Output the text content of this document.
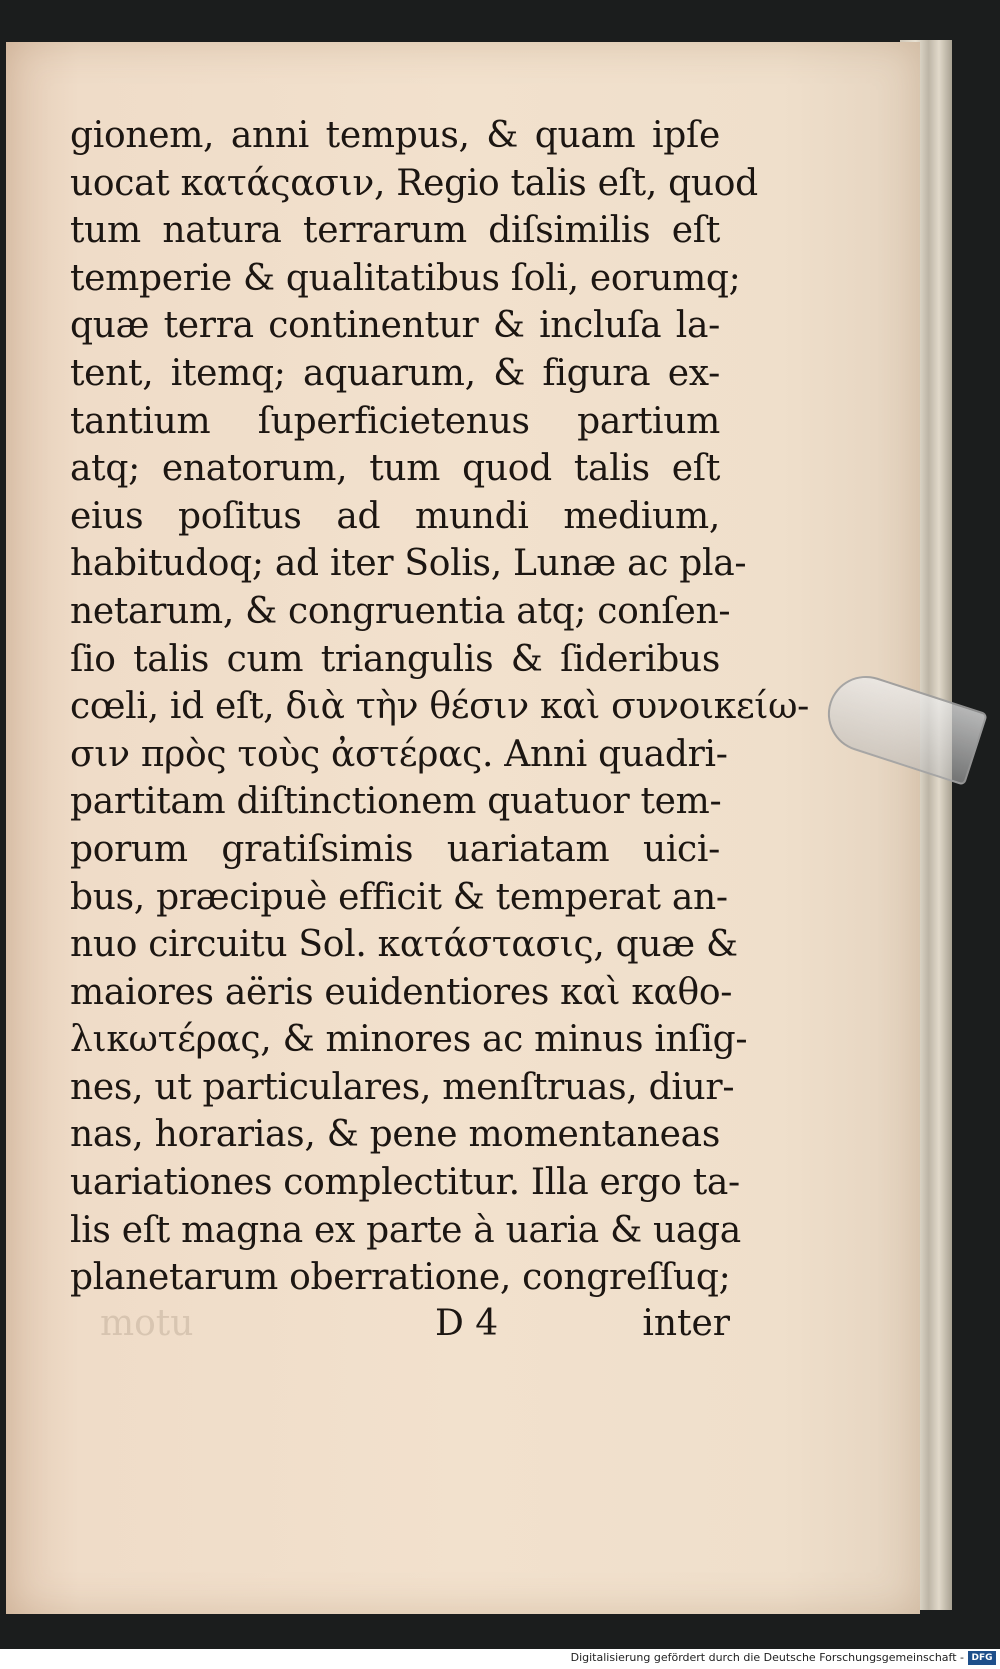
gionem, anni tempus, & quam ipſe
uocat κατάςασιν, Regio talis eſt, quod
tum natura terrarum diſsimilis eſt
temperie & qualitatibus ſoli, eorumq;
quæ terra continentur & incluſa la-
tent, itemq; aquarum, & figura ex-
tantium ſuperficietenus partium
atq; enatorum, tum quod talis eſt
eius poſitus ad mundi medium,
habitudoq; ad iter Solis, Lunæ ac pla-
netarum, & congruentia atq; conſen-
ſio talis cum triangulis & ſideribus
cœli, id eſt, διὰ τὴν θέσιν καὶ συνοικείω-
σιν πρὸς τοὺς ἀστέρας. Anni quadri-
partitam diſtinctionem quatuor tem-
porum gratiſsimis uariatam uici-
bus, præcipuè efficit & temperat an-
nuo circuitu Sol. κατάστασις, quæ &
maiores aëris euidentiores καὶ καθο-
λικωτέρας, & minores ac minus inſig-
nes, ut particulares, menſtruas, diur-
nas, horarias, & pene momentaneas
uariationes complectitur. Illa ergo ta-
lis eſt magna ex parte à uaria & uaga
planetarum oberratione, congreſſuq;
motu	D 4	inter
Digitalisierung gefördert durch die Deutsche Forschungsgemeinschaft - DFG
